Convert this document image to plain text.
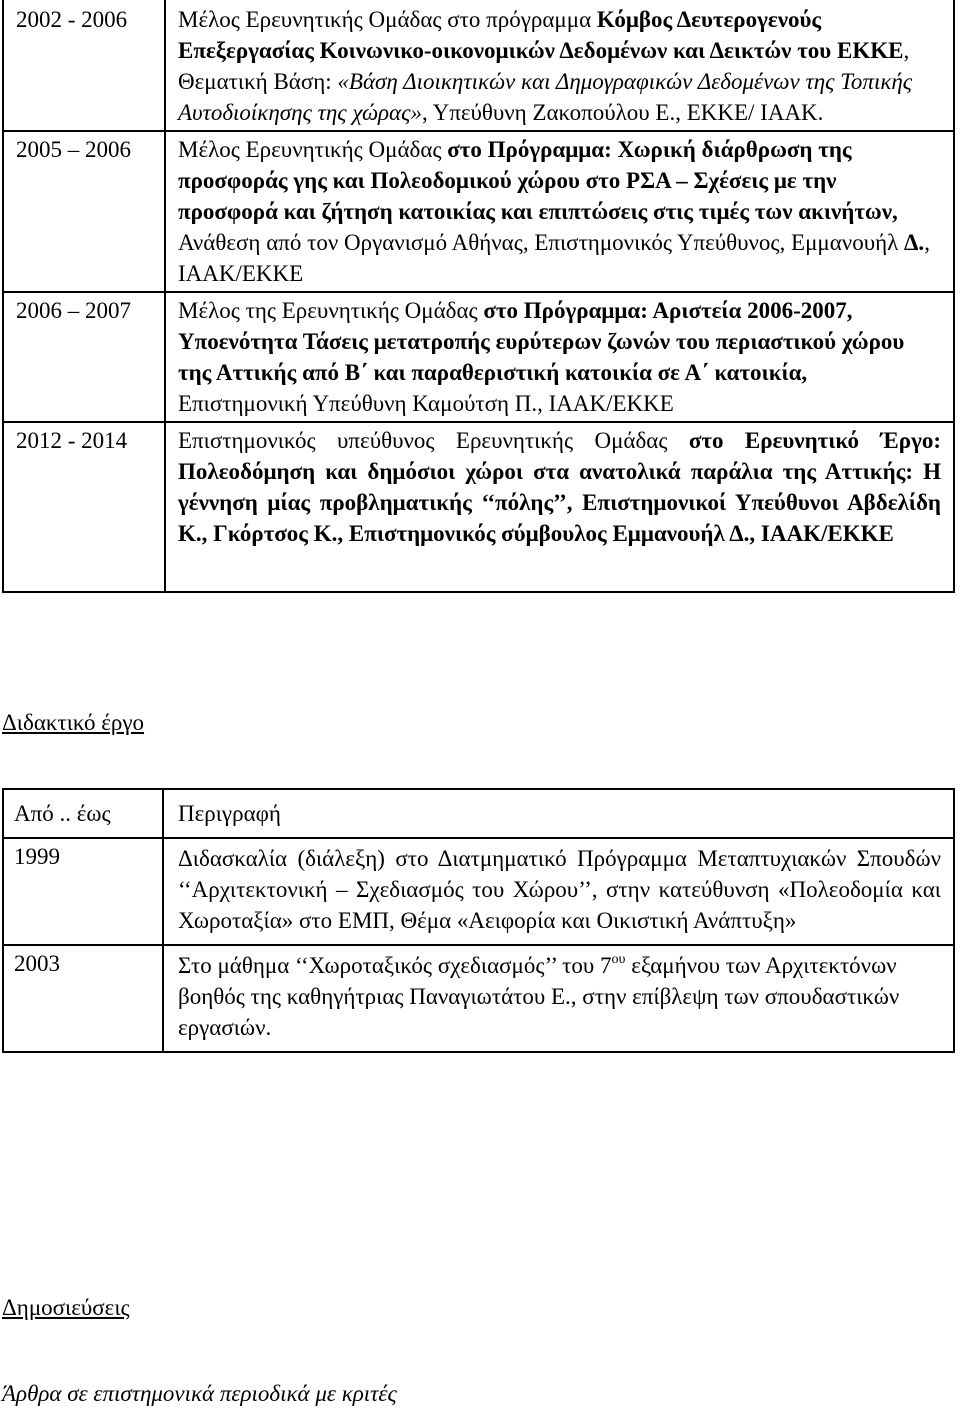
2002 - 2006	Μέλος Ερευνητικής Ομάδας στο πρόγραμμα Κόμβος Δευτερογενούς Επεξεργασίας Κοινωνικο-οικονομικών Δεδομένων και Δεικτών του ΕΚΚΕ, Θεματική Βάση: «Βάση Διοικητικών και Δημογραφικών Δεδομένων της Τοπικής Αυτοδιοίκησης της χώρας», Υπεύθυνη Ζακοπούλου Ε., ΕΚΚΕ/ ΙΑΑΚ.
2005 – 2006	Μέλος Ερευνητικής Ομάδας στο Πρόγραμμα: Χωρική διάρθρωση της προσφοράς γης και Πολεοδομικού χώρου στο ΡΣΑ – Σχέσεις με την προσφορά και ζήτηση κατοικίας και επιπτώσεις στις τιμές των ακινήτων, Ανάθεση από τον Οργανισμό Αθήνας, Επιστημονικός Υπεύθυνος, Εμμανουήλ Δ., ΙΑΑΚ/ΕΚΚΕ
2006 – 2007	Μέλος της Ερευνητικής Ομάδας στο Πρόγραμμα: Αριστεία 2006-2007, Υποενότητα Τάσεις μετατροπής ευρύτερων ζωνών του περιαστικού χώρου της Αττικής από Β΄ και παραθεριστική κατοικία σε Α΄ κατοικία, Επιστημονική Υπεύθυνη Καμούτση Π., ΙΑΑΚ/ΕΚΚΕ
2012 - 2014	Επιστημονικός υπεύθυνος Ερευνητικής Ομάδας στο Ερευνητικό Έργο: Πολεοδόμηση και δημόσιοι χώροι στα ανατολικά παράλια της Αττικής: Η γέννηση μίας προβληματικής ‘‘πόλης’’, Επιστημονικοί Υπεύθυνοι Αβδελίδη Κ., Γκόρτσος Κ., Επιστημονικός σύμβουλος Εμμανουήλ Δ., ΙΑΑΚ/ΕΚΚΕ
Διδακτικό έργο
Από .. έως	Περιγραφή
1999	Διδασκαλία (διάλεξη) στο Διατμηματικό Πρόγραμμα Μεταπτυχιακών Σπουδών ‘‘Αρχιτεκτονική – Σχεδιασμός του Χώρου’’, στην κατεύθυνση «Πολεοδομία και Χωροταξία» στο ΕΜΠ, Θέμα «Αειφορία και Οικιστική Ανάπτυξη»
2003	Στο μάθημα ‘‘Χωροταξικός σχεδιασμός’’ του $7^{o\upsilon}$ εξαμήνου των Αρχιτεκτόνων βοηθός της καθηγήτριας Παναγιωτάτου Ε., στην επίβλεψη των σπουδαστικών εργασιών.
Δημοσιεύσεις
Άρθρα σε επιστημονικά περιοδικά με κριτές
